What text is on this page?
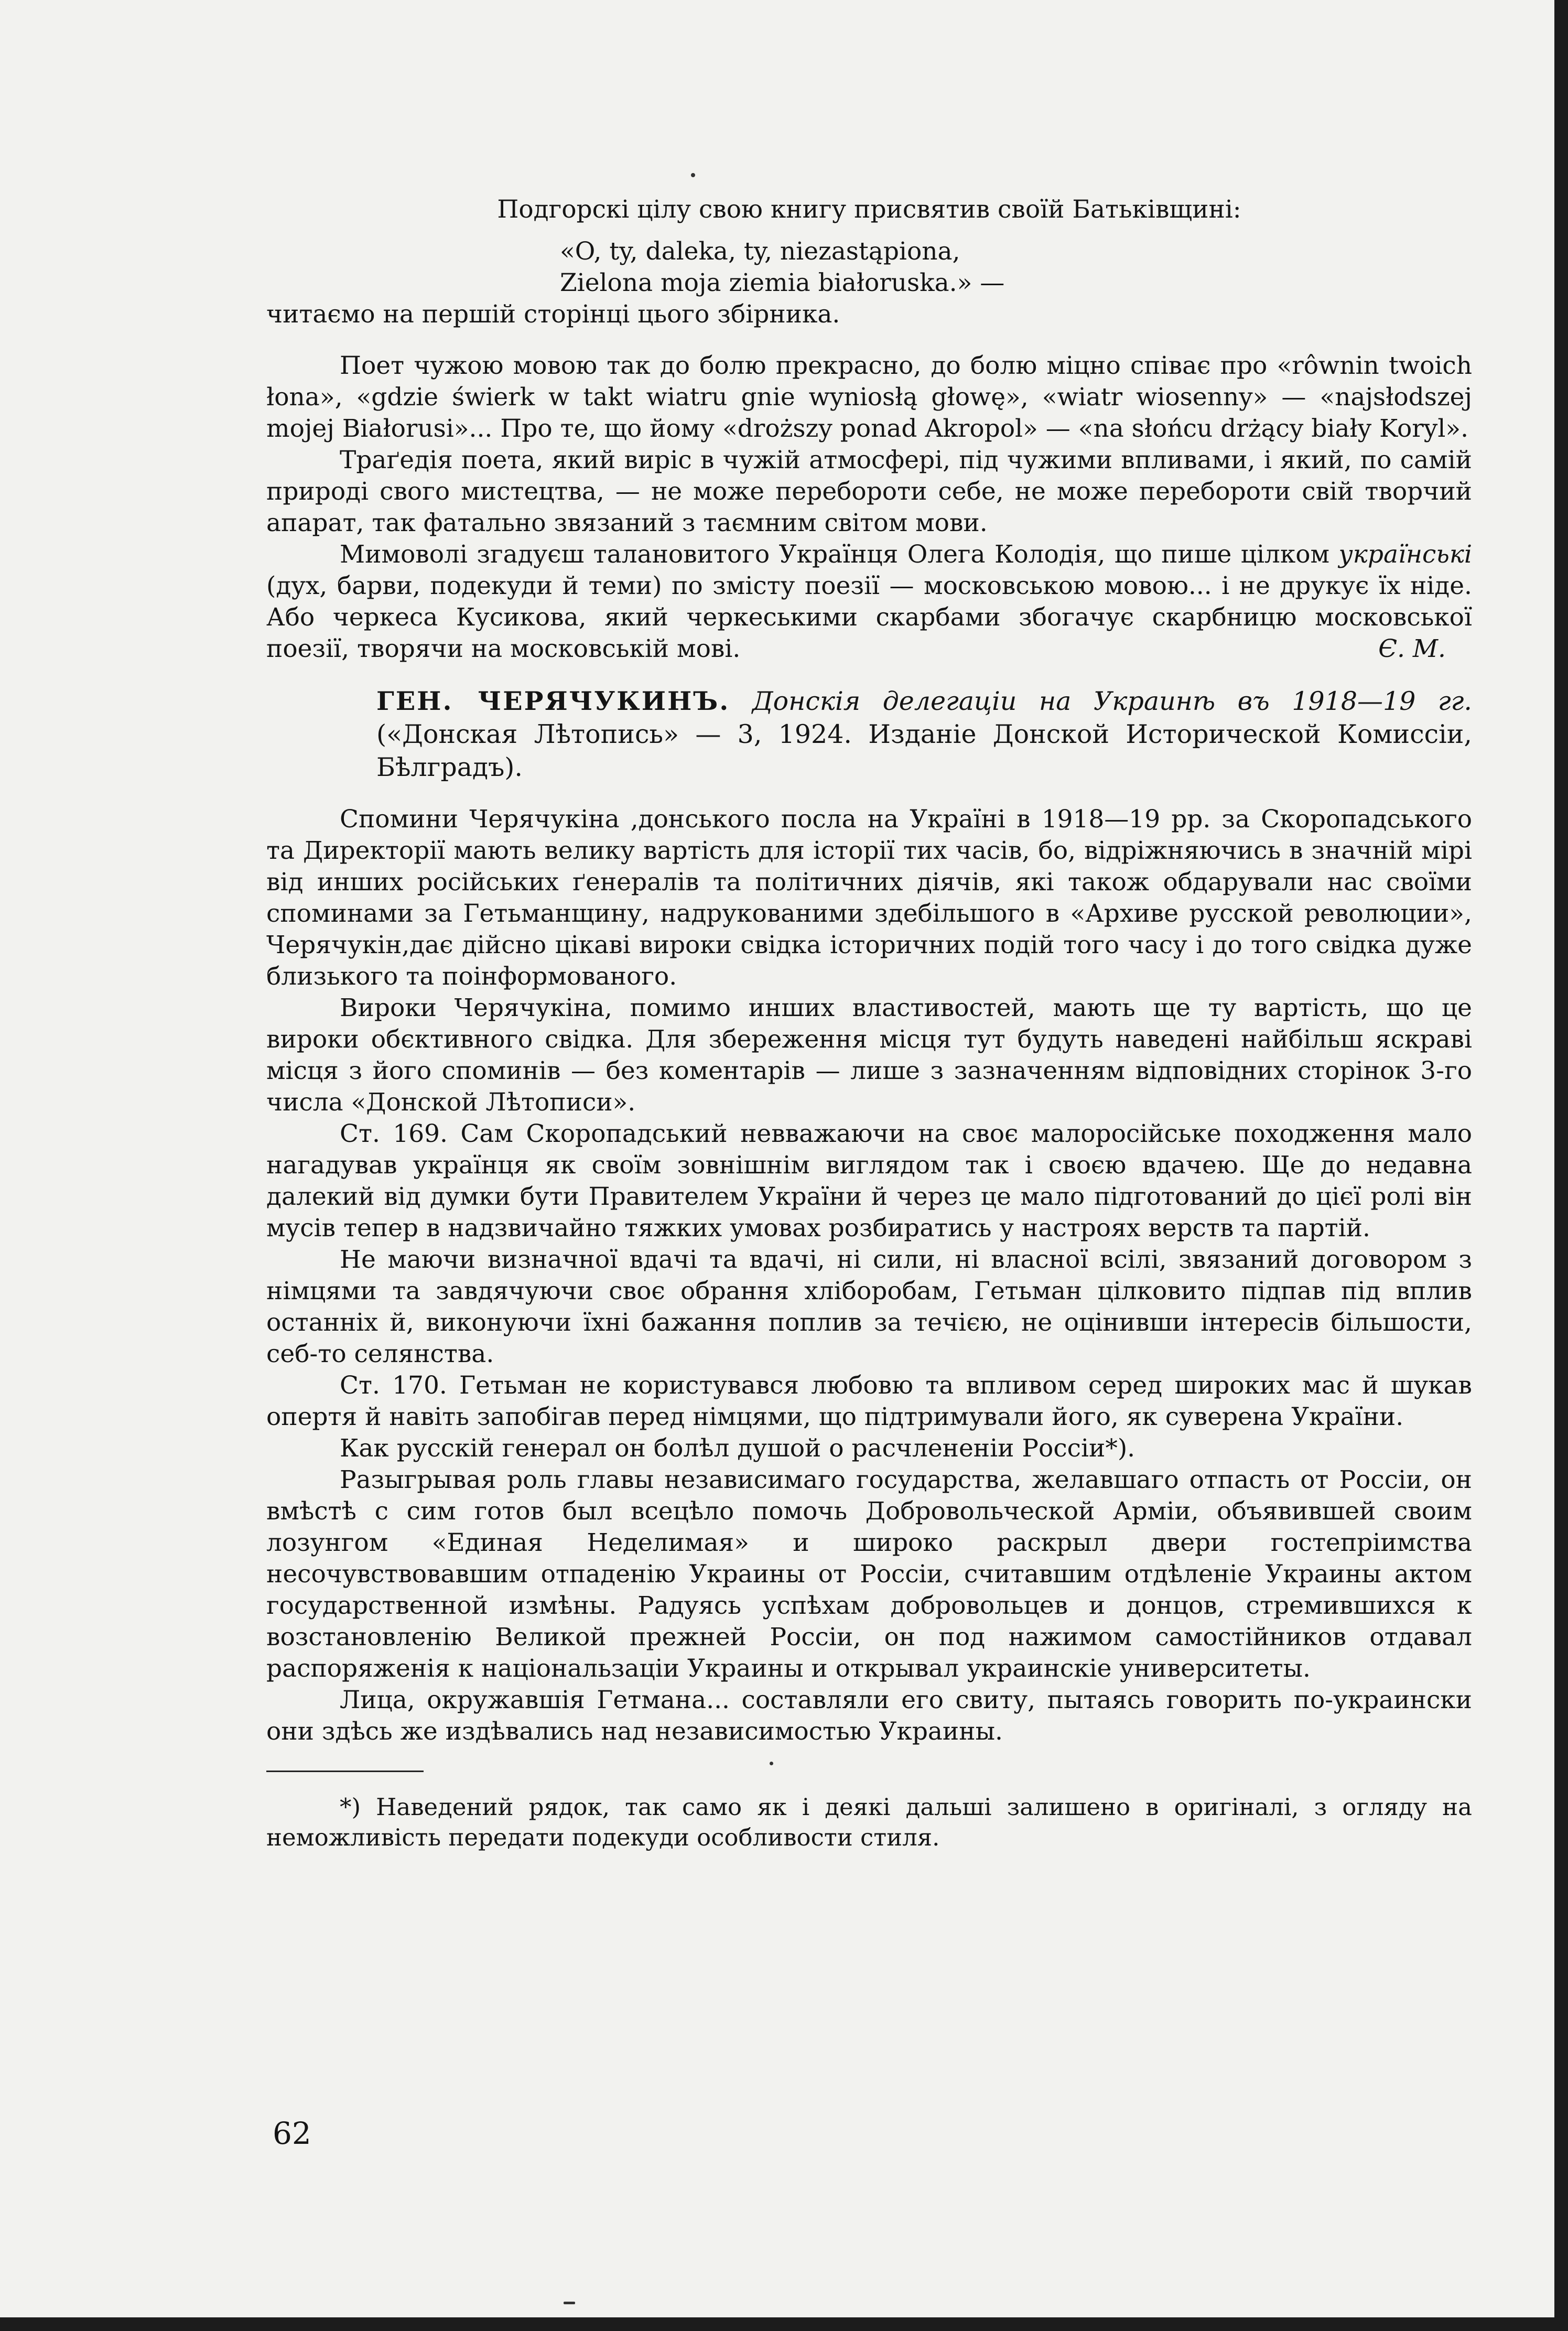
Подгорскі цілу свою книгу присвятив своїй Батьківщині:

«O, ty, daleka, ty, niezastąpiona,
Zielona moja ziemia białoruska.» —

читаємо на першій сторінці цього збірника.

Поет чужою мовою так до болю прекрасно, до болю міцно співає про «rôwnin twoich łona», «gdzie świerk w takt wiatru gnie wyniosłą głowę», «wiatr wiosenny» — «najsłodszej mojej Białorusi»... Про те, що йому «droższy ponad Akropol» — «na słońcu drżący biały Koryl».

Траґедія поета, який виріс в чужій атмосфері, під чужими впливами, і який, по самій природі свого мистецтва, — не може перебороти себе, не може перебороти свій творчий апарат, так фатально звязаний з таємним світом мови.

Мимоволі згадуєш талановитого Українця Олега Колодія, що пише цілком українські (дух, барви, подекуди й теми) по змісту поезії — московською мовою... і не друкує їх ніде. Або черкеса Кусикова, який черкеськими скарбами збогачує скарбницю московської поезії, творячи на московській мові.	Є. М.

ГЕН. ЧЕРЯЧУКИНЪ. Донскія делегаціи на Украинѣ въ 1918—19 гг. («Донская Лѣтопись» — 3, 1924. Изданіе Донской Исторической Комиссіи, Бѣлградъ).

Спомини Черячукіна ,донського посла на Україні в 1918—19 рр. за Скоропадського та Директорії мають велику вартість для історії тих часів, бо, відріжняючись в значній мірі від инших російських ґенералів та політичних діячів, які також обдарували нас своїми споминами за Гетьманщину, надрукованими здебільшого в «Архиве русской революции», Черячукін,дає дійсно цікаві вироки свідка історичних подій того часу і до того свідка дуже близького та поінформованого.

Вироки Черячукіна, помимо инших властивостей, мають ще ту вартість, що це вироки обєктивного свідка. Для збереження місця тут будуть наведені найбільш яскраві місця з його споминів — без коментарів — лише з зазначенням відповідних сторінок 3-го числа «Донской Лѣтописи».

Ст. 169. Сам Скоропадський невважаючи на своє малоросійське походження мало нагадував українця як своїм зовнішнім виглядом так і своєю вдачею. Ще до недавна далекий від думки бути Правителем України й через це мало підготований до цієї ролі він мусів тепер в надзвичайно тяжких умовах розбиратись у настроях верств та партій.

Не маючи визначної вдачі та вдачі, ні сили, ні власної всілі, звязаний договором з німцями та завдячуючи своє обрання хліборобам, Гетьман цілковито підпав під вплив останніх й, виконуючи їхні бажання поплив за течією, не оцінивши інтересів більшости, себ-то селянства.

Ст. 170. Гетьман не користувався любовю та впливом серед широких мас й шукав опертя й навіть запобігав перед німцями, що підтримували його, як суверена України.

Как русскій генерал он болѣл душой о расчлененіи Россіи*).

Разыгрывая роль главы независимаго государства, желавшаго отпасть от Россіи, он вмѣстѣ с сим готов был всецѣло помочь Добровольческой Арміи, объявившей своим лозунгом «Единая Неделимая» и широко раскрыл двери гостепріимства несочувствовавшим отпаденію Украины от Россіи, считавшим отдѣленіе Украины актом государственной измѣны. Радуясь успѣхам добровольцев и донцов, стремившихся к возстановленію Великой прежней Россіи, он под нажимом самостійников отдавал распоряженія к національзаціи Украины и открывал украинскіе университеты.

Лица, окружавшія Гетмана... составляли его свиту, пытаясь говорить по-украински они здѣсь же издѣвались над независимостью Украины.

*) Наведений рядок, так само як і деякі дальші залишено в оригіналі, з огляду на неможливість передати подекуди особливости стиля.

62
